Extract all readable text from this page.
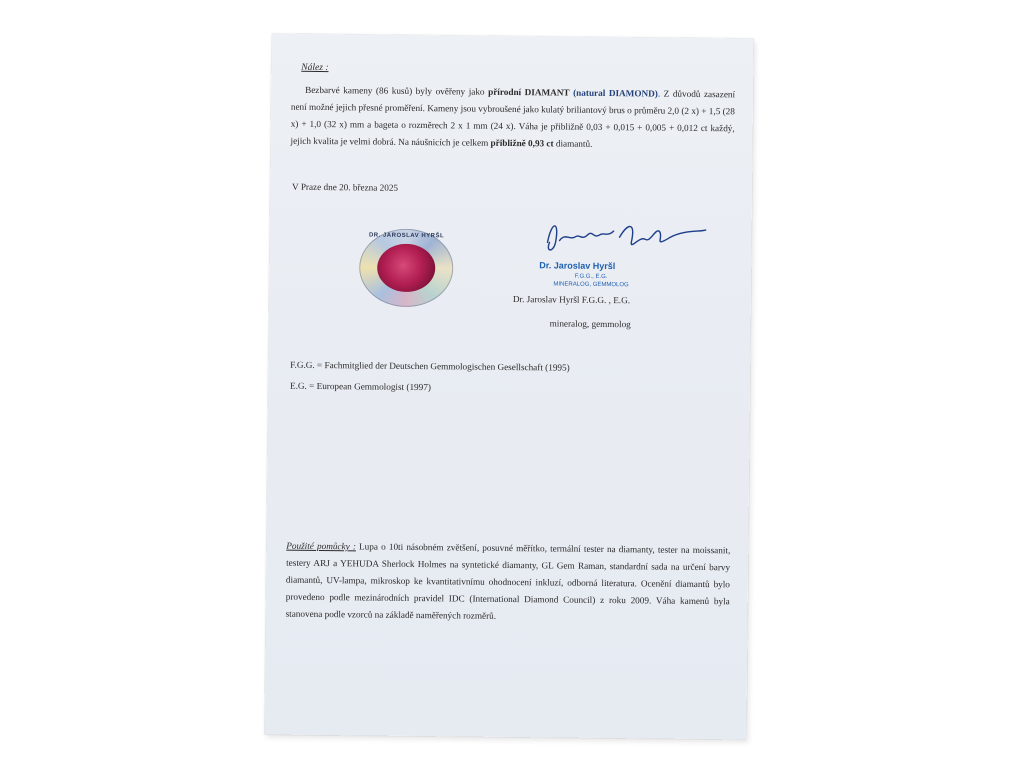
Nález :
Bezbarvé kameny (86 kusů) byly ověřeny jako přírodní DIAMANT (natural DIAMOND). Z důvodů zasazení není možné jejich přesné proměření. Kameny jsou vybroušené jako kulatý briliantový brus o průměru 2,0 (2 x) + 1,5 (28 x) + 1,0 (32 x) mm a bageta o rozměrech 2 x 1 mm (24 x). Váha je přibližně 0,03 + 0,015 + 0,005 + 0,012 ct každý, jejich kvalita je velmi dobrá. Na náušnicích je celkem přibližně 0,93 ct diamantů.
V Praze dne 20. března 2025
DR. JAROSLAV HYRŠL
Dr. Jaroslav Hyršl
F.G.G., E.G.
MINERALOG, GEMMOLOG
Dr. Jaroslav Hyršl F.G.G. , E.G.
mineralog, gemmolog
F.G.G. = Fachmitglied der Deutschen Gemmologischen Gesellschaft (1995)
E.G. = European Gemmologist (1997)
Použité pomůcky : Lupa o 10ti násobném zvětšení, posuvné měřítko, termální tester na diamanty, tester na moissanit, testery ARJ a YEHUDA Sherlock Holmes na syntetické diamanty, GL Gem Raman, standardní sada na určení barvy diamantů, UV-lampa, mikroskop ke kvantitativnímu ohodnocení inkluzí, odborná literatura. Ocenění diamantů bylo provedeno podle mezinárodních pravidel IDC (International Diamond Council) z roku 2009. Váha kamenů byla stanovena podle vzorců na základě naměřených rozměrů.
